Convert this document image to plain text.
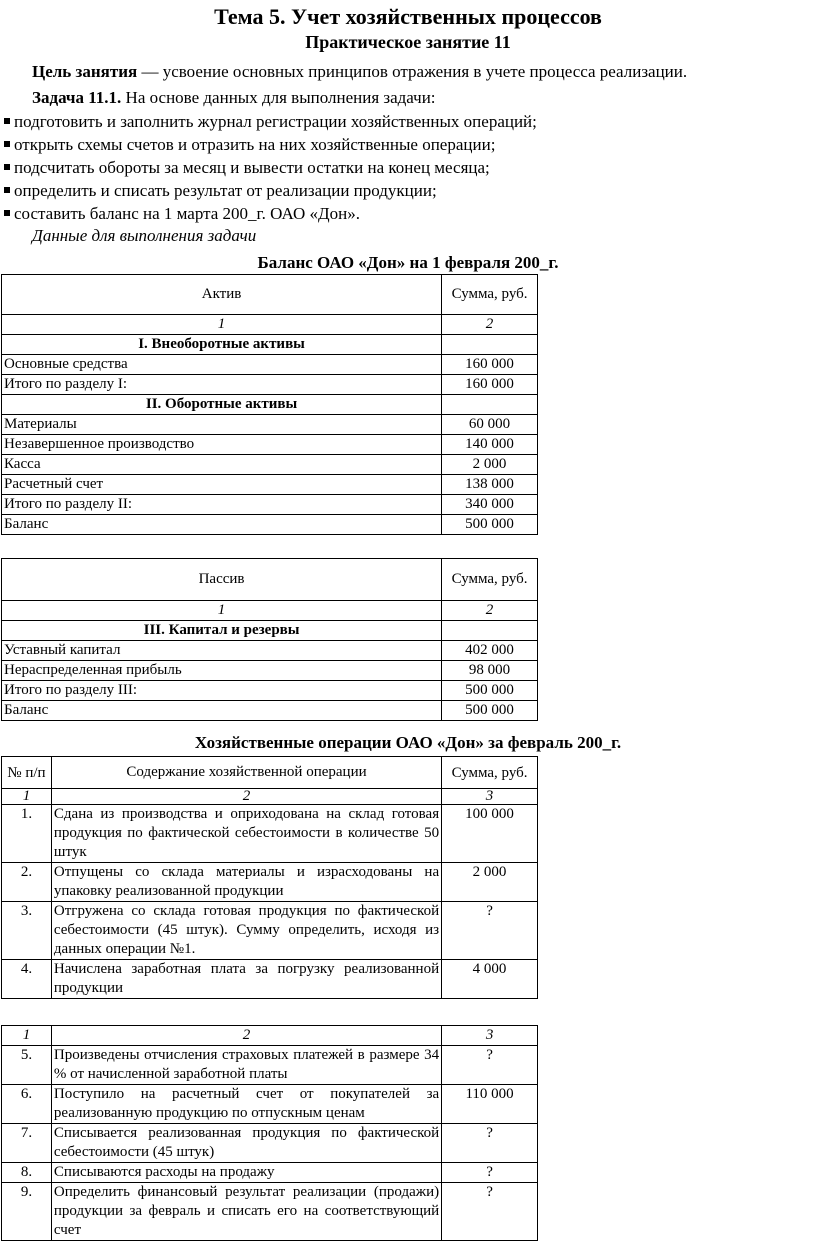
Тема 5. Учет хозяйственных процессов
Практическое занятие 11
Цель занятия — усвоение основных принципов отражения в учете процесса реализации.
Задача 11.1. На основе данных для выполнения задачи:
подготовить и заполнить журнал регистрации хозяйственных операций;
открыть схемы счетов и отразить на них хозяйственные операции;
подсчитать обороты за месяц и вывести остатки на конец месяца;
определить и списать результат от реализации продукции;
составить баланс на 1 марта 200_г. ОАО «Дон».
Данные для выполнения задачи
Баланс ОАО «Дон» на 1 февраля 200_г.
Актив	Сумма, руб.
1	2
I. Внеоборотные активы	
Основные средства	160 000
Итого по разделу I:	160 000
II. Оборотные активы	
Материалы	60 000
Незавершенное производство	140 000
Касса	2 000
Расчетный счет	138 000
Итого по разделу II:	340 000
Баланс	500 000
Пассив	Сумма, руб.
1	2
III. Капитал и резервы	
Уставный капитал	402 000
Нераспределенная прибыль	98 000
Итого по разделу III:	500 000
Баланс	500 000
Хозяйственные операции ОАО «Дон» за февраль 200_г.
№ п/п	Содержание хозяйственной операции	Сумма, руб.
1	2	3
1.	Сдана из производства и оприходована на склад готовая продукция по фактической себестоимости в количестве 50 штук	100 000
2.	Отпущены со склада материалы и израсходованы на упаковку реализованной продукции	2 000
3.	Отгружена со склада готовая продукция по фактической себестоимости (45 штук). Сумму определить, исходя из данных операции №1.	?
4.	Начислена заработная плата за погрузку реализованной продукции	4 000
1	2	3
5.	Произведены отчисления страховых платежей в размере 34 % от начисленной заработной платы	?
6.	Поступило на расчетный счет от покупателей за реализованную продукцию по отпускным ценам	110 000
7.	Списывается реализованная продукция по фактической себестоимости (45 штук)	?
8.	Списываются расходы на продажу	?
9.	Определить финансовый результат реализации (продажи) продукции за февраль и списать его на соответствующий счет	?
